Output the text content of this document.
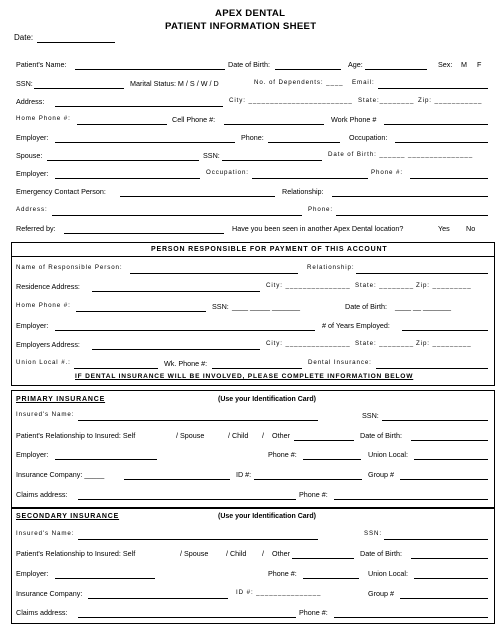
APEX DENTAL
PATIENT INFORMATION SHEET
Date:
Patient's Name:	Date of Birth:	Age:	Sex: M F
SSN:	Marital Status: M / S / W / D	No. of Dependents: ____ Email:
Address:	City: ________________________ State:________ Zip: ___________
Home Phone #:	Cell Phone #:	Work Phone #
Employer:	Phone:	Occupation:
Spouse:	SSN:	Date of Birth: ______ _______________
Employer:	Occupation:	Phone #:
Emergency Contact Person:	Relationship:
Address:	Phone:
Referred by:	Have you been seen in another Apex Dental location?	Yes No
PERSON RESPONSIBLE FOR PAYMENT OF THIS ACCOUNT
Name of Responsible Person:	Relationship:
Residence Address:	City: _______________ State: ________ Zip: _________
Home Phone #:	SSN: ____ _____ _______	Date of Birth: ____ __ _______
Employer:	# of Years Employed:
Employers Address:	City: _______________ State: ________ Zip: _________
Union Local #.:	Wk. Phone #:	Dental Insurance:
IF DENTAL INSURANCE WILL BE INVOLVED, PLEASE COMPLETE INFORMATION BELOW
PRIMARY INSURANCE	(Use your Identification Card)
Insured's Name:	SSN:
Patient's Relationship to Insured: Self	/ Spouse	/ Child / Other	Date of Birth:
Employer:	Phone #:	Union Local:
Insurance Company: _____	ID #:	Group #
Claims address:	Phone #:
SECONDARY INSURANCE	(Use your Identification Card)
Insured's Name:	SSN:
Patient's Relationship to Insured: Self	/ Spouse / Child / Other	Date of Birth:
Employer:	Phone #:	Union Local:
Insurance Company:	ID #: _______________	Group #
Claims address:	Phone #:
